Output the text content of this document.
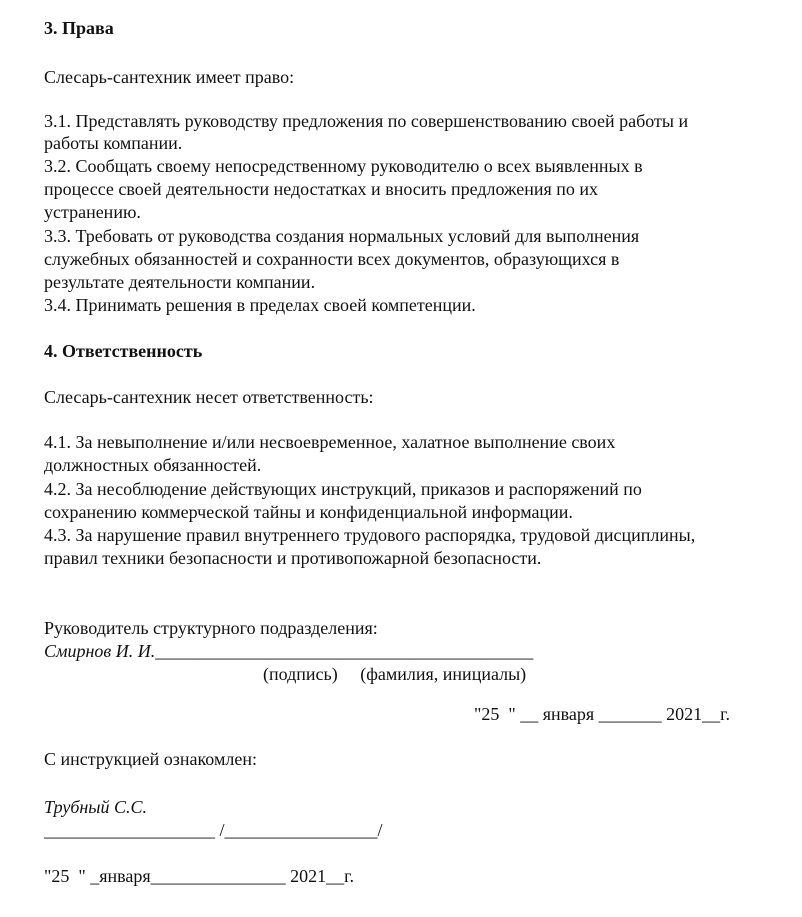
3. Права
Слесарь-сантехник имеет право:
3.1. Представлять руководству предложения по совершенствованию своей работы и
работы компании.
3.2. Сообщать своему непосредственному руководителю о всех выявленных в
процессе своей деятельности недостатках и вносить предложения по их
устранению.
3.3. Требовать от руководства создания нормальных условий для выполнения
служебных обязанностей и сохранности всех документов, образующихся в
результате деятельности компании.
3.4. Принимать решения в пределах своей компетенции.
4. Ответственность
Слесарь-сантехник несет ответственность:
4.1. За невыполнение и/или несвоевременное, халатное выполнение своих
должностных обязанностей.
4.2. За несоблюдение действующих инструкций, приказов и распоряжений по
сохранению коммерческой тайны и конфиденциальной информации.
4.3. За нарушение правил внутреннего трудового распорядка, трудовой дисциплины,
правил техники безопасности и противопожарной безопасности.
Руководитель структурного подразделения:
Смирнов И. И.__________________________________________
(подпись)     (фамилия, инициалы)
"25  " __ января _______ 2021__г.
С инструкцией ознакомлен:
Трубный С.С.
___________________ /_________________/
"25  " _января_______________ 2021__г.
